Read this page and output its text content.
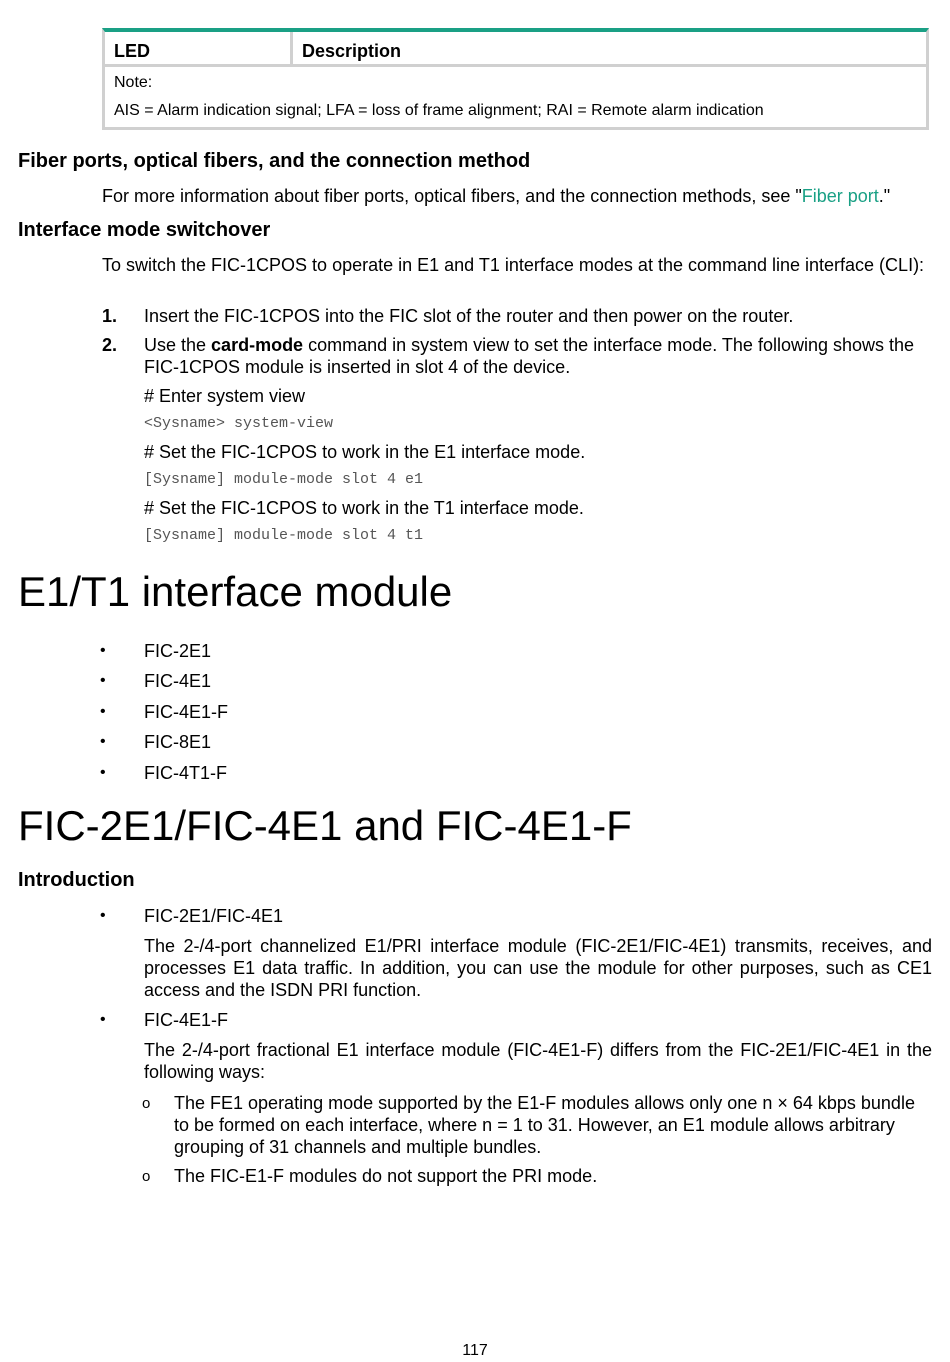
LED	Description
Note:
AIS = Alarm indication signal; LFA = loss of frame alignment; RAI = Remote alarm indication
Fiber ports, optical fibers, and the connection method
For more information about fiber ports, optical fibers, and the connection methods, see "Fiber port."
Interface mode switchover
To switch the FIC-1CPOS to operate in E1 and T1 interface modes at the command line interface (CLI):
1. Insert the FIC-1CPOS into the FIC slot of the router and then power on the router.
2. Use the card-mode command in system view to set the interface mode. The following shows the FIC-1CPOS module is inserted in slot 4 of the device.
# Enter system view
<Sysname> system-view
# Set the FIC-1CPOS to work in the E1 interface mode.
[Sysname] module-mode slot 4 e1
# Set the FIC-1CPOS to work in the T1 interface mode.
[Sysname] module-mode slot 4 t1
E1/T1 interface module
• FIC-2E1
• FIC-4E1
• FIC-4E1-F
• FIC-8E1
• FIC-4T1-F
FIC-2E1/FIC-4E1 and FIC-4E1-F
Introduction
• FIC-2E1/FIC-4E1
The 2-/4-port channelized E1/PRI interface module (FIC-2E1/FIC-4E1) transmits, receives, and processes E1 data traffic. In addition, you can use the module for other purposes, such as CE1 access and the ISDN PRI function.
• FIC-4E1-F
The 2-/4-port fractional E1 interface module (FIC-4E1-F) differs from the FIC-2E1/FIC-4E1 in the following ways:
o The FE1 operating mode supported by the E1-F modules allows only one n × 64 kbps bundle to be formed on each interface, where n = 1 to 31. However, an E1 module allows arbitrary grouping of 31 channels and multiple bundles.
o The FIC-E1-F modules do not support the PRI mode.
117
